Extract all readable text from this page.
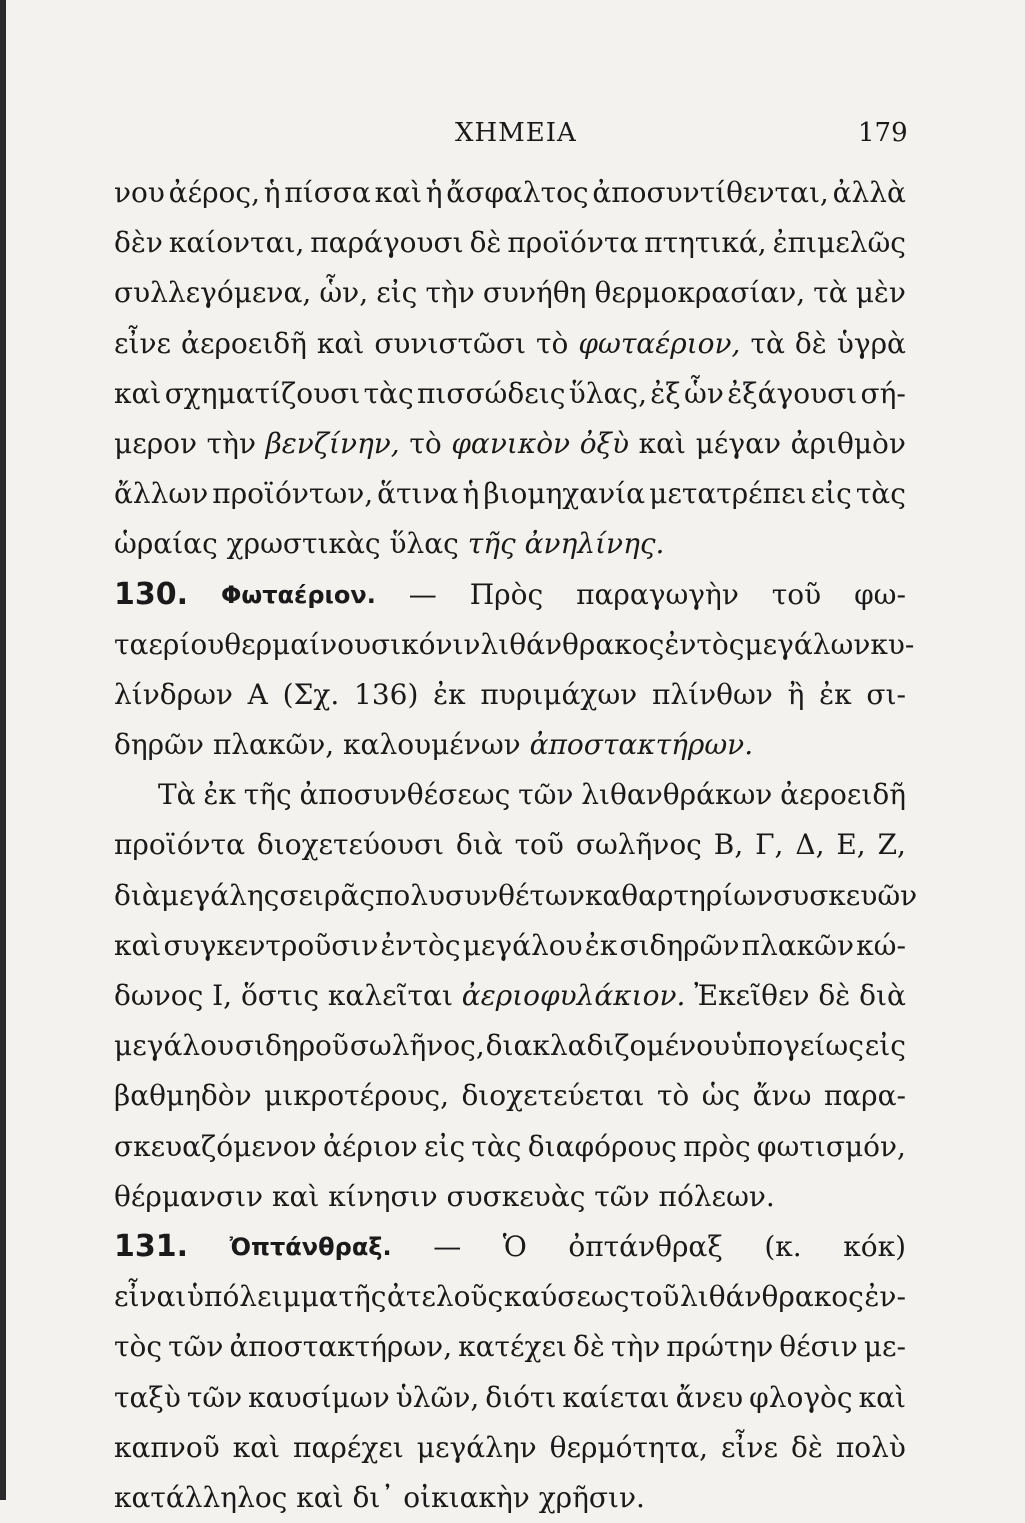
ΧΗΜΕΙΑ	179
νου ἀέρος, ἡ πίσσα καὶ ἡ ἄσφαλτος ἀποσυντίθενται, ἀλλὰ
δὲν καίονται, παράγουσι δὲ προϊόντα πτητικά, ἐπιμελῶς
συλλεγόμενα, ὧν, εἰς τὴν συνήθη θερμοκρασίαν, τὰ μὲν
εἶνε ἀεροειδῆ καὶ συνιστῶσι τὸ φωταέριον, τὰ δὲ ὑγρὰ
καὶ σχηματίζουσι τὰς πισσώδεις ὕλας, ἐξ ὧν ἐξάγουσι σή-
μερον τὴν βενζίνην, τὸ φανικὸν ὀξὺ καὶ μέγαν ἀριθμὸν
ἄλλων προϊόντων, ἅτινα ἡ βιομηχανία μετατρέπει εἰς τὰς
ὡραίας χρωστικὰς ὕλας τῆς ἀνηλίνης.
130. Φωταέριον. — Πρὸς παραγωγὴν τοῦ φω-
ταερίου θερμαίνουσι κόνιν λιθάνθρακος ἐντὸς μεγάλων κυ-
λίνδρων Α (Σχ. 136) ἐκ πυριμάχων πλίνθων ἢ ἐκ σι-
δηρῶν πλακῶν, καλουμένων ἀποστακτήρων.
Τὰ ἐκ τῆς ἀποσυνθέσεως τῶν λιθανθράκων ἀεροειδῆ
προϊόντα διοχετεύουσι διὰ τοῦ σωλῆνος Β, Γ, Δ, Ε, Ζ,
διὰ μεγάλης σειρᾶς πολυσυνθέτων καθαρτηρίων συσκευῶν
καὶ συγκεντροῦσιν ἐντὸς μεγάλου ἐκ σιδηρῶν πλακῶν κώ-
δωνος Ι, ὅστις καλεῖται ἀεριοφυλάκιον. Ἐκεῖθεν δὲ διὰ
μεγάλου σιδηροῦ σωλῆνος, διακλαδιζομένου ὑπογείως εἰς
βαθμηδὸν μικροτέρους, διοχετεύεται τὸ ὡς ἄνω παρα-
σκευαζόμενον ἀέριον εἰς τὰς διαφόρους πρὸς φωτισμόν,
θέρμανσιν καὶ κίνησιν συσκευὰς τῶν πόλεων.
131. Ὀπτάνθραξ. — Ὁ ὀπτάνθραξ (κ. κόκ)
εἶναι ὑπόλειμμα τῆς ἀτελοῦς καύσεως τοῦ λιθάνθρακος ἐν-
τὸς τῶν ἀποστακτήρων, κατέχει δὲ τὴν πρώτην θέσιν με-
ταξὺ τῶν καυσίμων ὑλῶν, διότι καίεται ἄνευ φλογὸς καὶ
καπνοῦ καὶ παρέχει μεγάλην θερμότητα, εἶνε δὲ πολὺ
κατάλληλος καὶ δι᾽ οἰκιακὴν χρῆσιν.
